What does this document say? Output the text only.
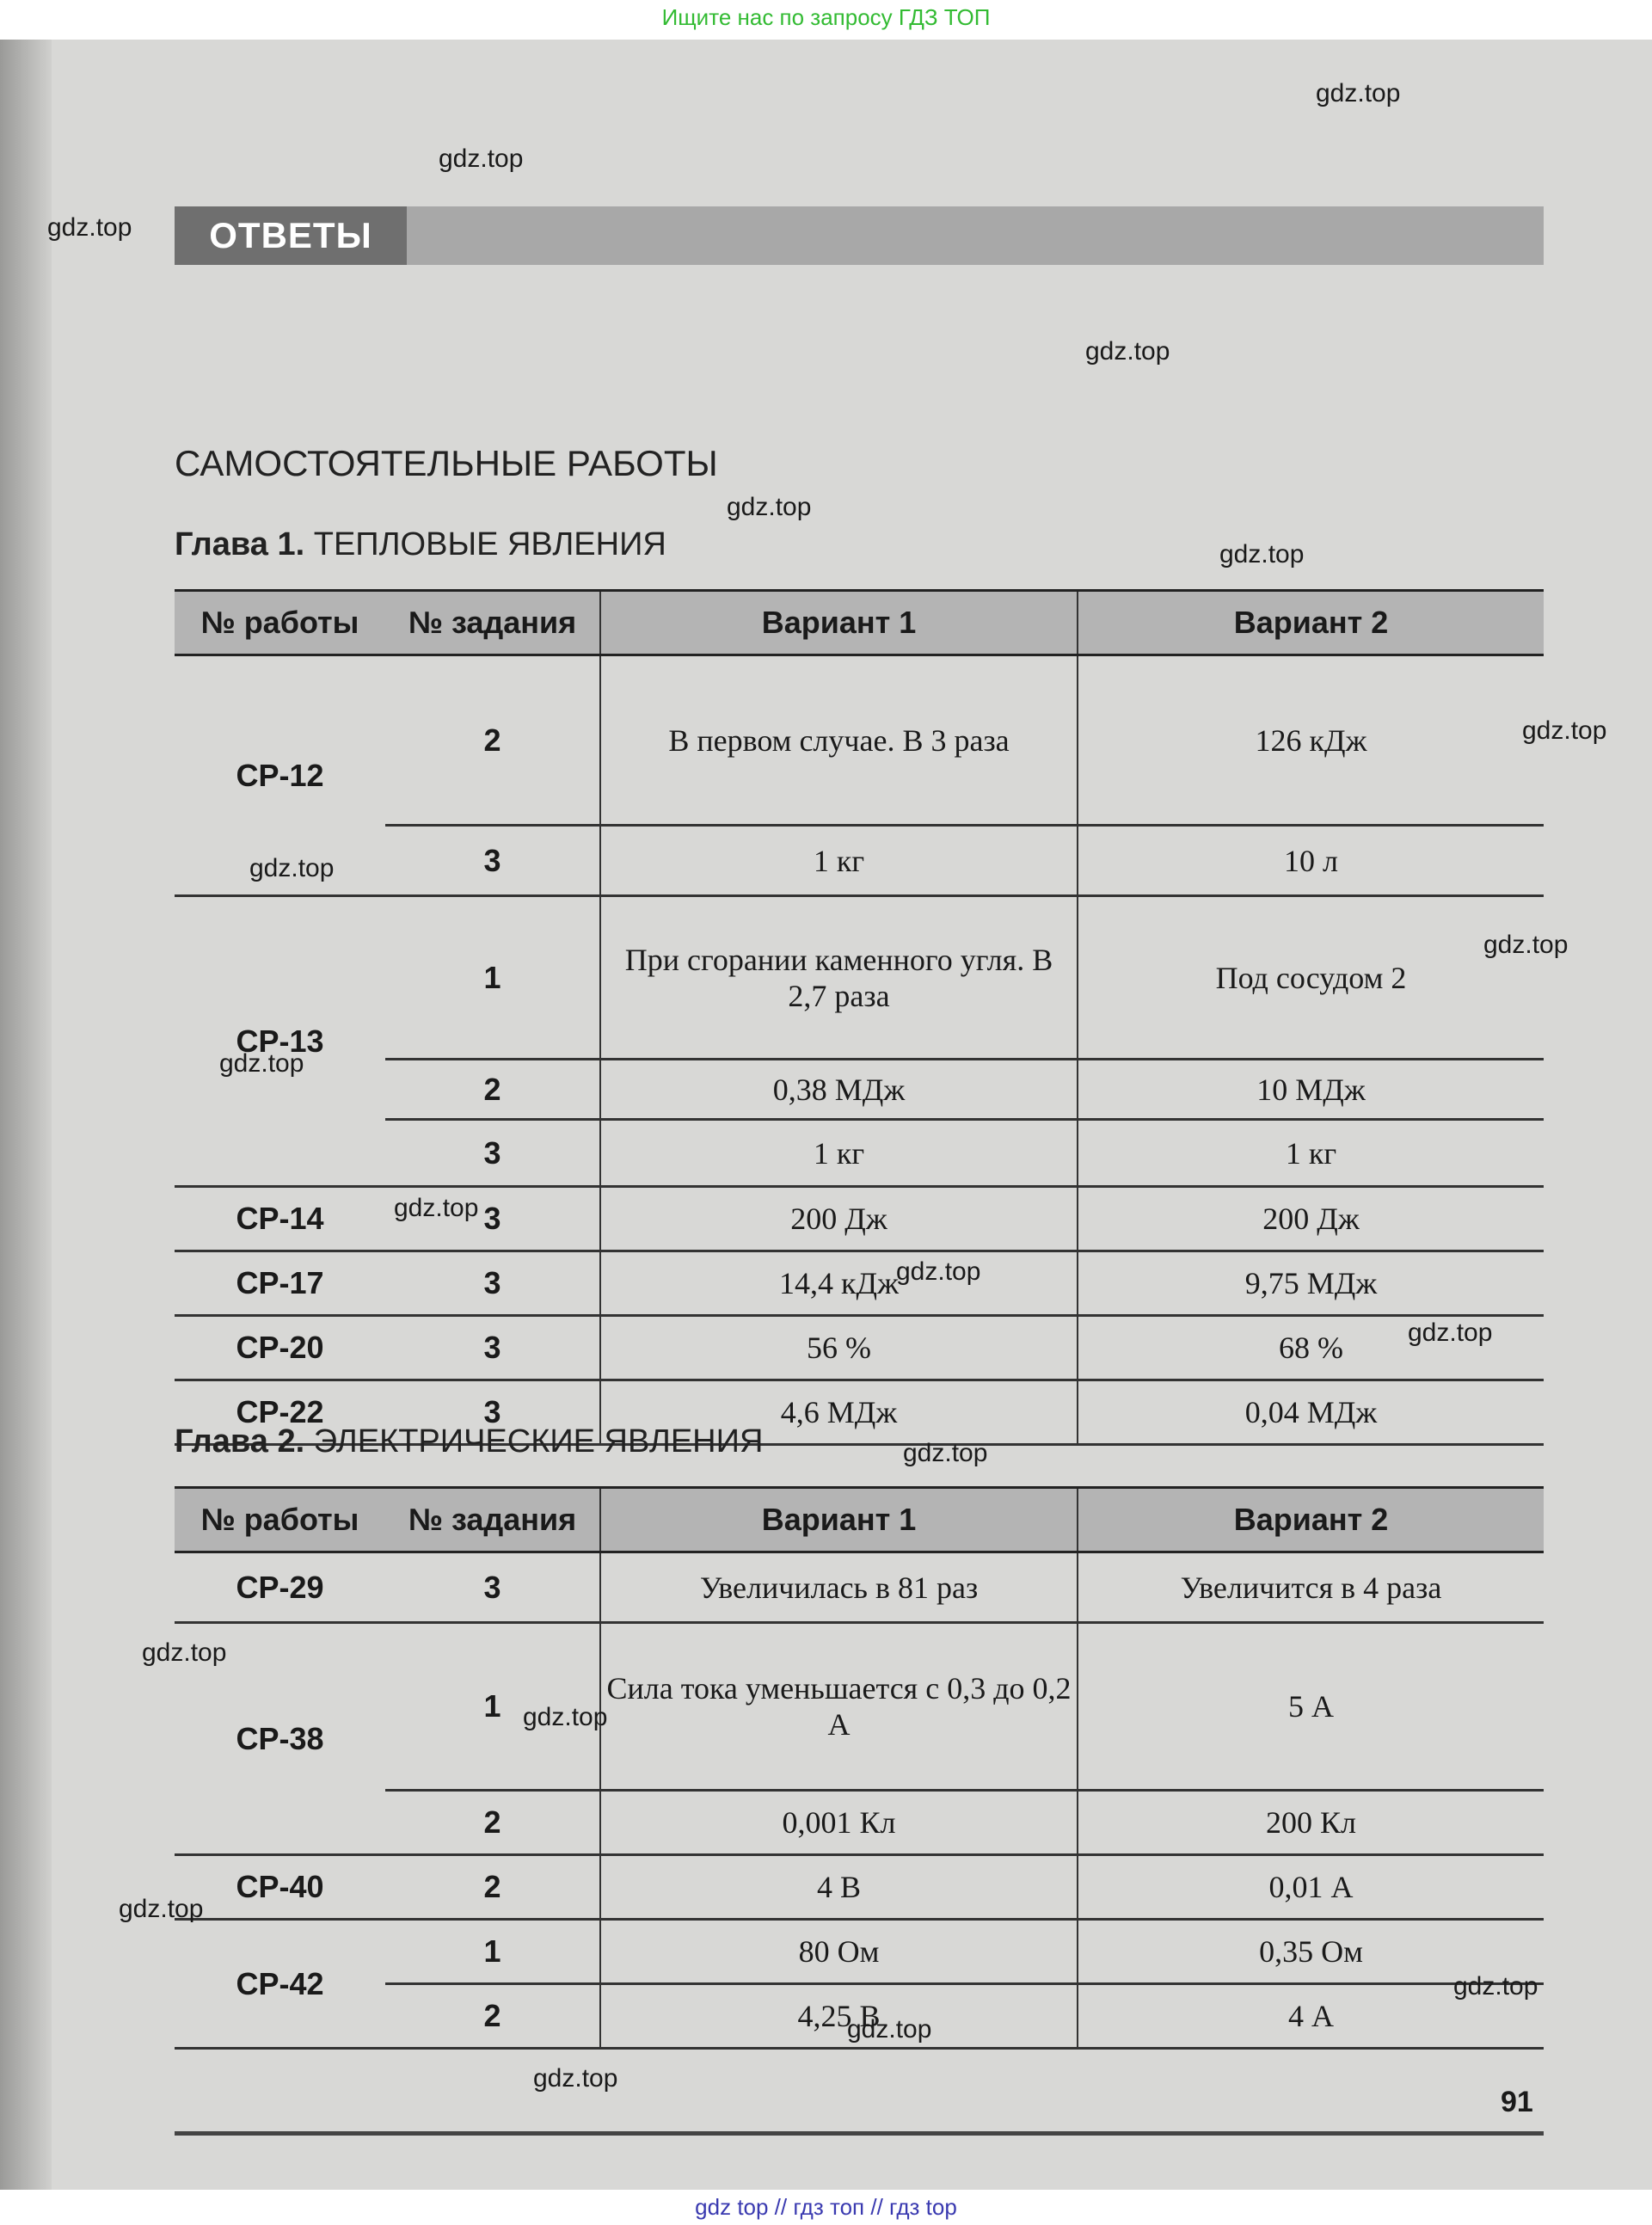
Ищите нас по запросу ГДЗ ТОП
ОТВЕТЫ
САМОСТОЯТЕЛЬНЫЕ РАБОТЫ
Глава 1. ТЕПЛОВЫЕ ЯВЛЕНИЯ
№ работы	№ задания	Вариант 1	Вариант 2
СР-12	2	В первом случае. В 3 раза	126 кДж
	3	1 кг	10 л
СР-13	1	При сгорании каменного угля. В 2,7 раза	Под сосудом 2
	2	0,38 МДж	10 МДж
	3	1 кг	1 кг
СР-14	3	200 Дж	200 Дж
СР-17	3	14,4 кДж	9,75 МДж
СР-20	3	56 %	68 %
СР-22	3	4,6 МДж	0,04 МДж
Глава 2. ЭЛЕКТРИЧЕСКИЕ ЯВЛЕНИЯ
№ работы	№ задания	Вариант 1	Вариант 2
СР-29	3	Увеличилась в 81 раз	Увеличится в 4 раза
СР-38	1	Сила тока уменьшается с 0,3 до 0,2 А	5 А
	2	0,001 Кл	200 Кл
СР-40	2	4 В	0,01 А
СР-42	1	80 Ом	0,35 Ом
	2	4,25 В	4 А
gdz.top
gdz.top
gdz.top
gdz.top
gdz.top
gdz.top
gdz.top
gdz.top
gdz.top
gdz.top
gdz.top
gdz.top
gdz.top
gdz.top
gdz.top
gdz.top
gdz.top
gdz.top
gdz.top
gdz.top
91
gdz top // гдз топ // гдз top
